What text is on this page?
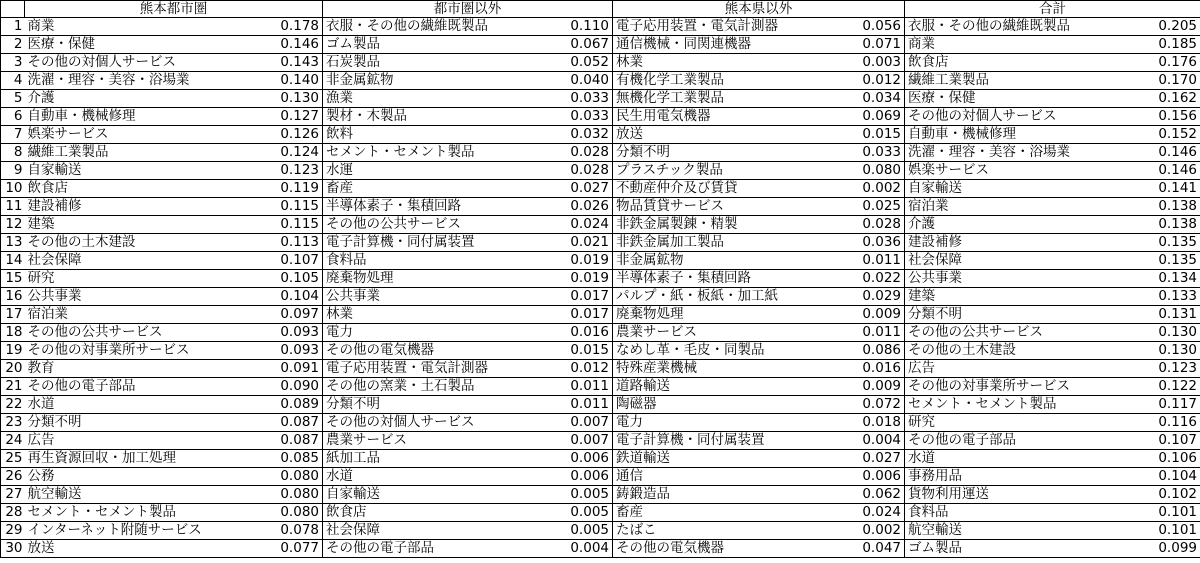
	熊本都市圏		都市圏以外		熊本県以外		合計	
1	商業	0.178	衣服・その他の繊維既製品	0.110	電子応用装置・電気計測器	0.056	衣服・その他の繊維既製品	0.205
2	医療・保健	0.146	ゴム製品	0.067	通信機械・同関連機器	0.071	商業	0.185
3	その他の対個人サービス	0.143	石炭製品	0.052	林業	0.003	飲食店	0.176
4	洗濯・理容・美容・浴場業	0.140	非金属鉱物	0.040	有機化学工業製品	0.012	繊維工業製品	0.170
5	介護	0.130	漁業	0.033	無機化学工業製品	0.034	医療・保健	0.162
6	自動車・機械修理	0.127	製材・木製品	0.033	民生用電気機器	0.069	その他の対個人サービス	0.156
7	娯楽サービス	0.126	飲料	0.032	放送	0.015	自動車・機械修理	0.152
8	繊維工業製品	0.124	セメント・セメント製品	0.028	分類不明	0.033	洗濯・理容・美容・浴場業	0.146
9	自家輸送	0.123	水運	0.028	プラスチック製品	0.080	娯楽サービス	0.146
10	飲食店	0.119	畜産	0.027	不動産仲介及び賃貸	0.002	自家輸送	0.141
11	建設補修	0.115	半導体素子・集積回路	0.026	物品賃貸サービス	0.025	宿泊業	0.138
12	建築	0.115	その他の公共サービス	0.024	非鉄金属製錬・精製	0.028	介護	0.138
13	その他の土木建設	0.113	電子計算機・同付属装置	0.021	非鉄金属加工製品	0.036	建設補修	0.135
14	社会保障	0.107	食料品	0.019	非金属鉱物	0.011	社会保障	0.135
15	研究	0.105	廃棄物処理	0.019	半導体素子・集積回路	0.022	公共事業	0.134
16	公共事業	0.104	公共事業	0.017	パルプ・紙・板紙・加工紙	0.029	建築	0.133
17	宿泊業	0.097	林業	0.017	廃棄物処理	0.009	分類不明	0.131
18	その他の公共サービス	0.093	電力	0.016	農業サービス	0.011	その他の公共サービス	0.130
19	その他の対事業所サービス	0.093	その他の電気機器	0.015	なめし革・毛皮・同製品	0.086	その他の土木建設	0.130
20	教育	0.091	電子応用装置・電気計測器	0.012	特殊産業機械	0.016	広告	0.123
21	その他の電子部品	0.090	その他の窯業・土石製品	0.011	道路輸送	0.009	その他の対事業所サービス	0.122
22	水道	0.089	分類不明	0.011	陶磁器	0.072	セメント・セメント製品	0.117
23	分類不明	0.087	その他の対個人サービス	0.007	電力	0.018	研究	0.116
24	広告	0.087	農業サービス	0.007	電子計算機・同付属装置	0.004	その他の電子部品	0.107
25	再生資源回収・加工処理	0.085	紙加工品	0.006	鉄道輸送	0.027	水道	0.106
26	公務	0.080	水道	0.006	通信	0.006	事務用品	0.104
27	航空輸送	0.080	自家輸送	0.005	鋳鍛造品	0.062	貨物利用運送	0.102
28	セメント・セメント製品	0.080	飲食店	0.005	畜産	0.024	食料品	0.101
29	インターネット附随サービス	0.078	社会保障	0.005	たばこ	0.002	航空輸送	0.101
30	放送	0.077	その他の電子部品	0.004	その他の電気機器	0.047	ゴム製品	0.099
